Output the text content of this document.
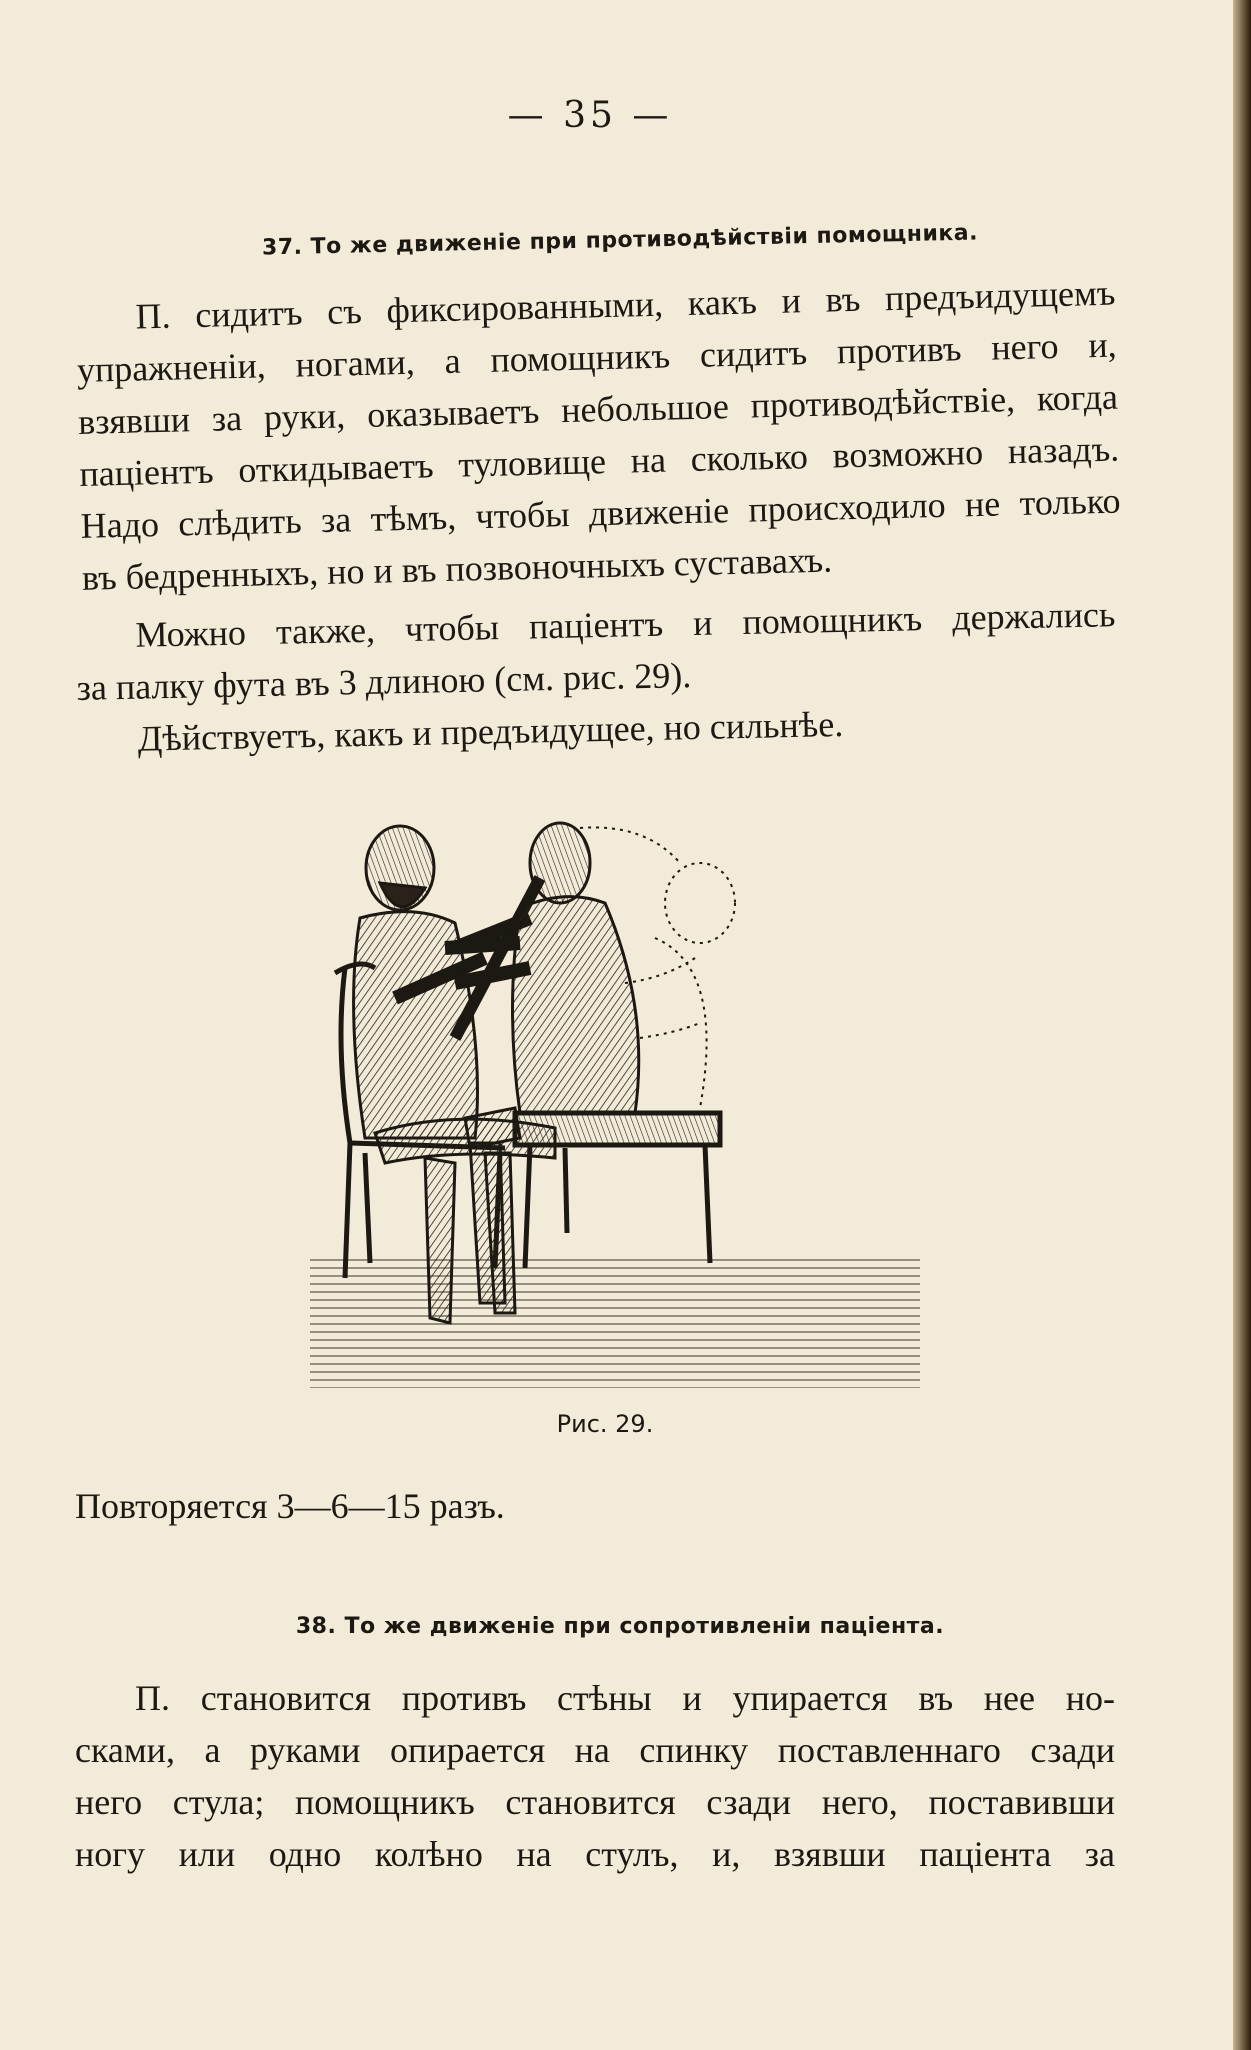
— 35 —
37. То же движеніе при противодѣйствіи помощника.
П. сидитъ съ фиксированными, какъ и въ предъидущемъ
упражненіи, ногами, а помощникъ сидитъ противъ него и,
взявши за руки, оказываетъ небольшое противодѣйствіе, когда
паціентъ откидываетъ туловище на сколько возможно назадъ.
Надо слѣдить за тѣмъ, чтобы движеніе происходило не только
въ бедренныхъ, но и въ позвоночныхъ суставахъ.
Можно также, чтобы паціентъ и помощникъ держались
за палку фута въ 3 длиною (см. рис. 29).
Дѣйствуетъ, какъ и предъидущее, но сильнѣе.
Рис. 29.
Повторяется 3—6—15 разъ.
38. То же движеніе при сопротивленіи паціента.
П. становится противъ стѣны и упирается въ нее но-
сками, а руками опирается на спинку поставленнаго сзади
него стула; помощникъ становится сзади него, поставивши
ногу или одно колѣно на стулъ, и, взявши паціента за
